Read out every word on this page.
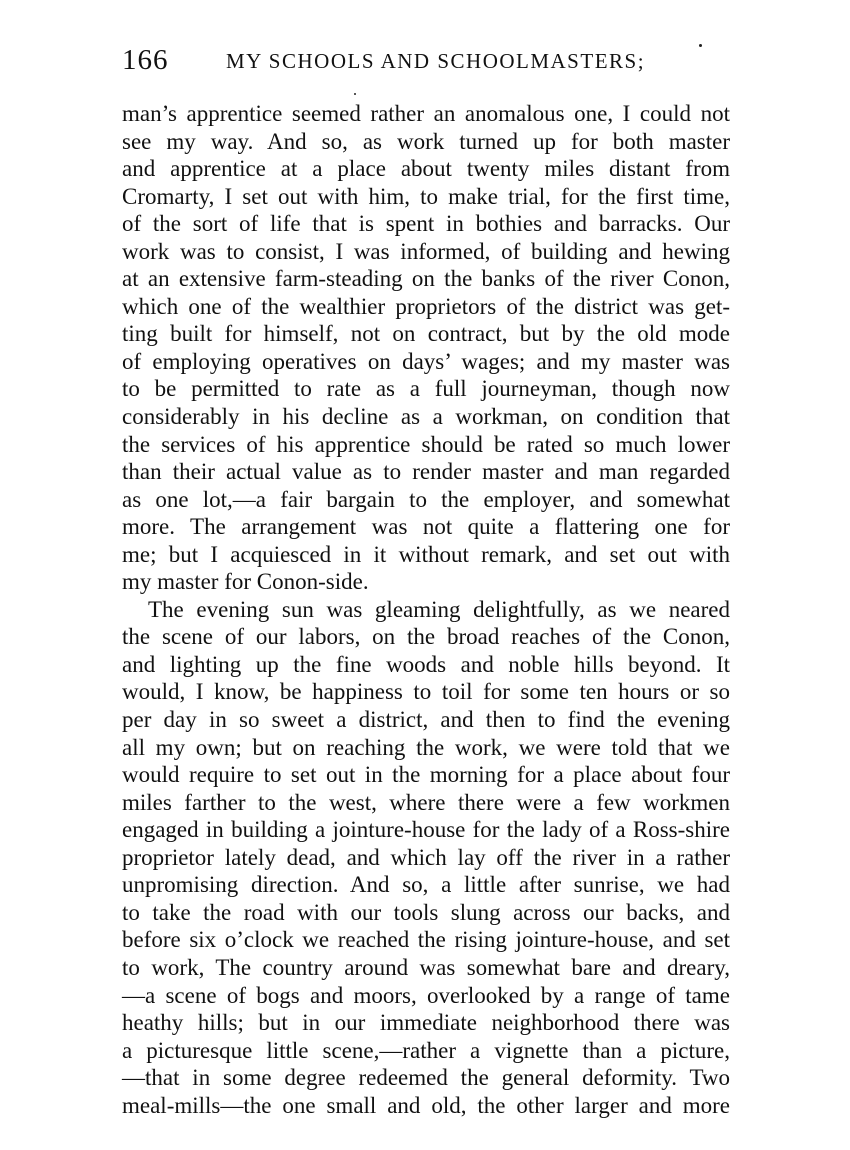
166	MY SCHOOLS AND SCHOOLMASTERS;
man’s apprentice seemed rather an anomalous one, I could not
see my way. And so, as work turned up for both master
and apprentice at a place about twenty miles distant from
Cromarty, I set out with him, to make trial, for the first time,
of the sort of life that is spent in bothies and barracks. Our
work was to consist, I was informed, of building and hewing
at an extensive farm-steading on the banks of the river Conon,
which one of the wealthier proprietors of the district was get-
ting built for himself, not on contract, but by the old mode
of employing operatives on days’ wages; and my master was
to be permitted to rate as a full journeyman, though now
considerably in his decline as a workman, on condition that
the services of his apprentice should be rated so much lower
than their actual value as to render master and man regarded
as one lot,—a fair bargain to the employer, and somewhat
more. The arrangement was not quite a flattering one for
me; but I acquiesced in it without remark, and set out with
my master for Conon-side.
The evening sun was gleaming delightfully, as we neared
the scene of our labors, on the broad reaches of the Conon,
and lighting up the fine woods and noble hills beyond. It
would, I know, be happiness to toil for some ten hours or so
per day in so sweet a district, and then to find the evening
all my own; but on reaching the work, we were told that we
would require to set out in the morning for a place about four
miles farther to the west, where there were a few workmen
engaged in building a jointure-house for the lady of a Ross-shire
proprietor lately dead, and which lay off the river in a rather
unpromising direction. And so, a little after sunrise, we had
to take the road with our tools slung across our backs, and
before six o’clock we reached the rising jointure-house, and set
to work, The country around was somewhat bare and dreary,
—a scene of bogs and moors, overlooked by a range of tame
heathy hills; but in our immediate neighborhood there was
a picturesque little scene,—rather a vignette than a picture,
—that in some degree redeemed the general deformity. Two
meal-mills—the one small and old, the other larger and more
